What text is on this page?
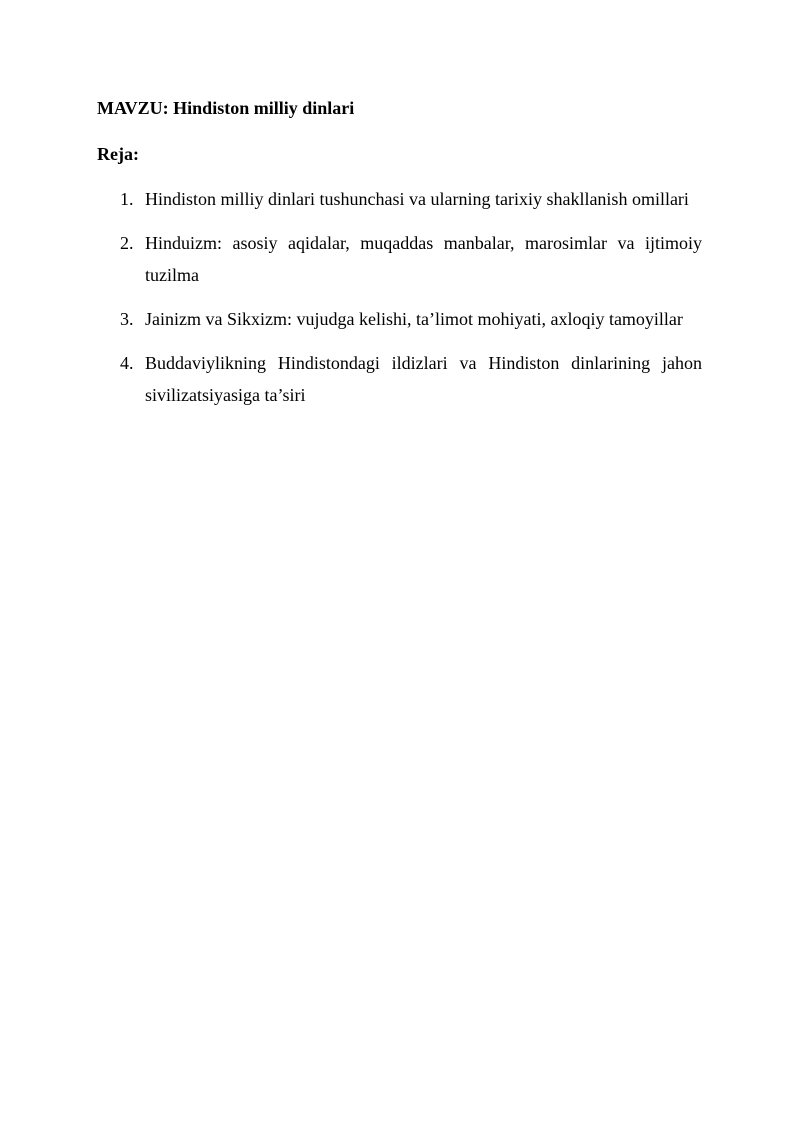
MAVZU: Hindiston milliy dinlari

Reja:

1. Hindiston milliy dinlari tushunchasi va ularning tarixiy shakllanish omillari
2. Hinduizm: asosiy aqidalar, muqaddas manbalar, marosimlar va ijtimoiy tuzilma
3. Jainizm va Sikxizm: vujudga kelishi, ta’limot mohiyati, axloqiy tamoyillar
4. Buddaviylikning Hindistondagi ildizlari va Hindiston dinlarining jahon sivilizatsiyasiga ta’siri
